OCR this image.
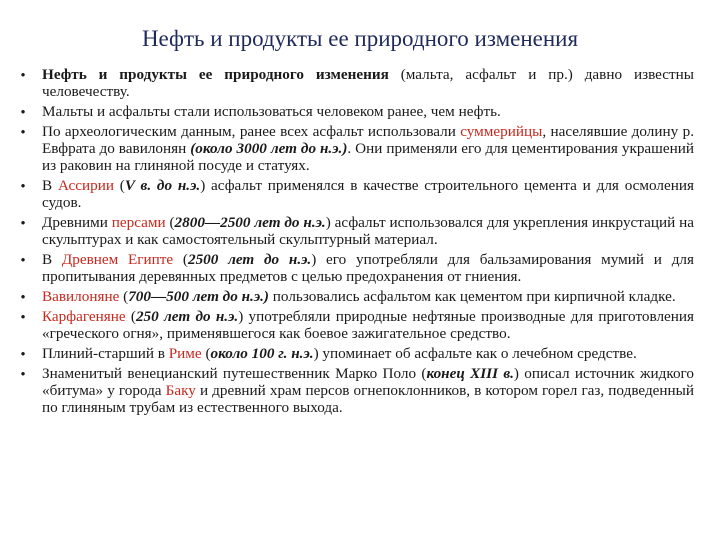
Нефть и продукты ее природного изменения
• Нефть и продукты ее природного изменения (мальта, асфальт и пр.) давно известны человечеству.
• Мальты и асфальты стали использоваться человеком ранее, чем нефть.
• По археологическим данным, ранее всех асфальт использовали суммерийцы, населявшие долину р. Евфрата до вавилонян (около 3000 лет до н.э.). Они применяли его для цементирования украшений из раковин на глиняной посуде и статуях.
• В Ассирии (V в. до н.э.) асфальт применялся в качестве строительного цемента и для осмоления судов.
• Древними персами (2800—2500 лет до н.э.) асфальт использовался для укрепления инкрустаций на скульптурах и как самостоятельный скульптурный материал.
• В Древнем Египте (2500 лет до н.э.) его употребляли для бальзамирования мумий и для пропитывания деревянных предметов с целью предохранения от гниения.
• Вавилоняне (700—500 лет до н.э.) пользовались асфальтом как цементом при кирпичной кладке.
• Карфагеняне (250 лет до н.э.) употребляли природные нефтяные производные для приготовления «греческого огня», применявшегося как боевое зажигательное средство.
• Плиний-старший в Риме (около 100 г. н.э.) упоминает об асфальте как о лечебном средстве.
• Знаменитый венецианский путешественник Марко Поло (конец XIII в.) описал источник жидкого «битума» у города Баку и древний храм персов огнепоклонников, в котором горел газ, подведенный по глиняным трубам из естественного выхода.
